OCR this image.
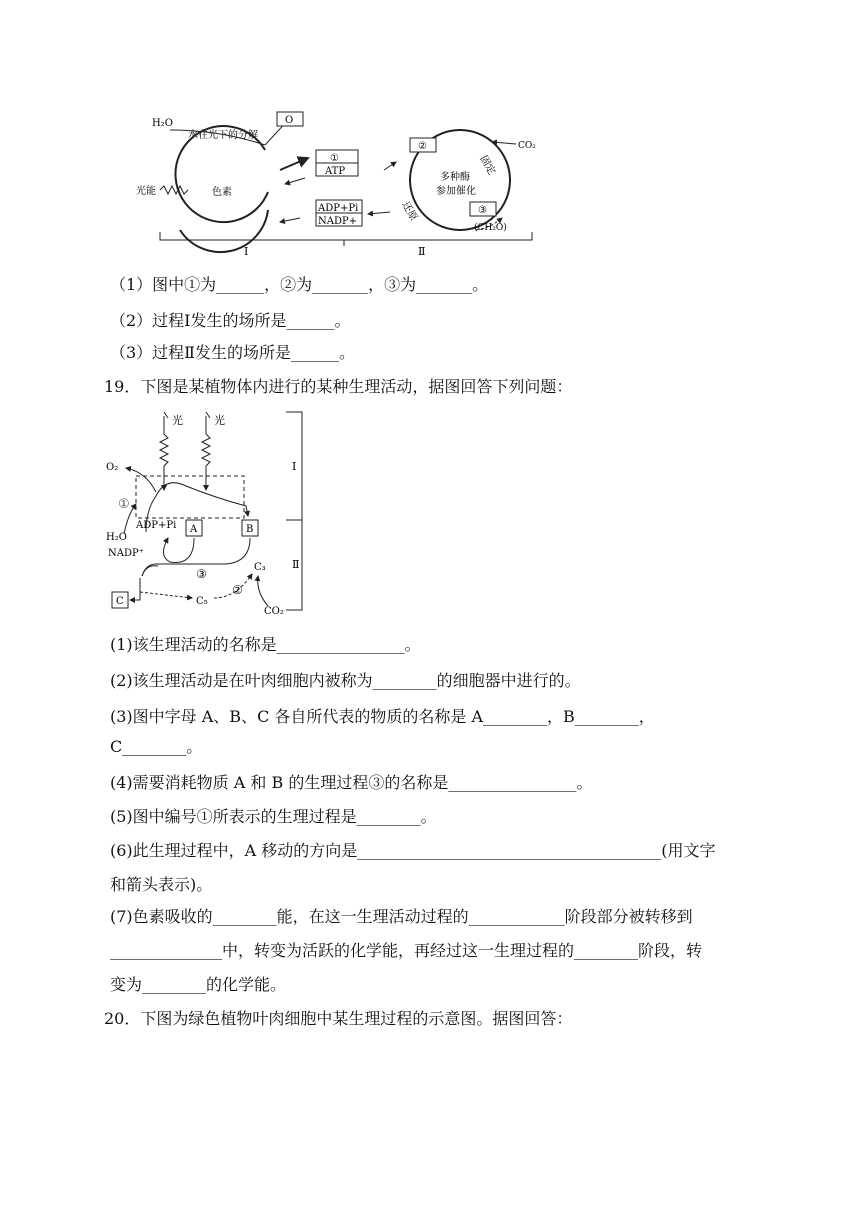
H₂O
水在光下的分解
O
色素
光能
①
ATP
ADP+Pi
NADP+
②	CO₂
固定
多种酶
参加催化
还原	③
(CH₂O)
Ⅰ	Ⅱ
（1）图中①为______，②为_______，③为_______。
（2）过程Ⅰ发生的场所是______。
（3）过程Ⅱ发生的场所是______。
19．下图是某植物体内进行的某种生理活动，据图回答下列问题：
光	光
O₂
①
ADP+Pi A	B
H₂O
NADP⁺
③	C₃
C	C₅
②
CO₂
Ⅰ
Ⅱ
(1)该生理活动的名称是________________。
(2)该生理活动是在叶肉细胞内被称为________的细胞器中进行的。
(3)图中字母 A、B、C 各自所代表的物质的名称是 A________，B________，
C________。
(4)需要消耗物质 A 和 B 的生理过程③的名称是________________。
(5)图中编号①所表示的生理过程是________。
(6)此生理过程中，A 移动的方向是______________________________________(用文字
和箭头表示)。
(7)色素吸收的________能，在这一生理活动过程的____________阶段部分被转移到
______________中，转变为活跃的化学能，再经过这一生理过程的________阶段，转
变为________的化学能。
20．下图为绿色植物叶肉细胞中某生理过程的示意图。据图回答：
